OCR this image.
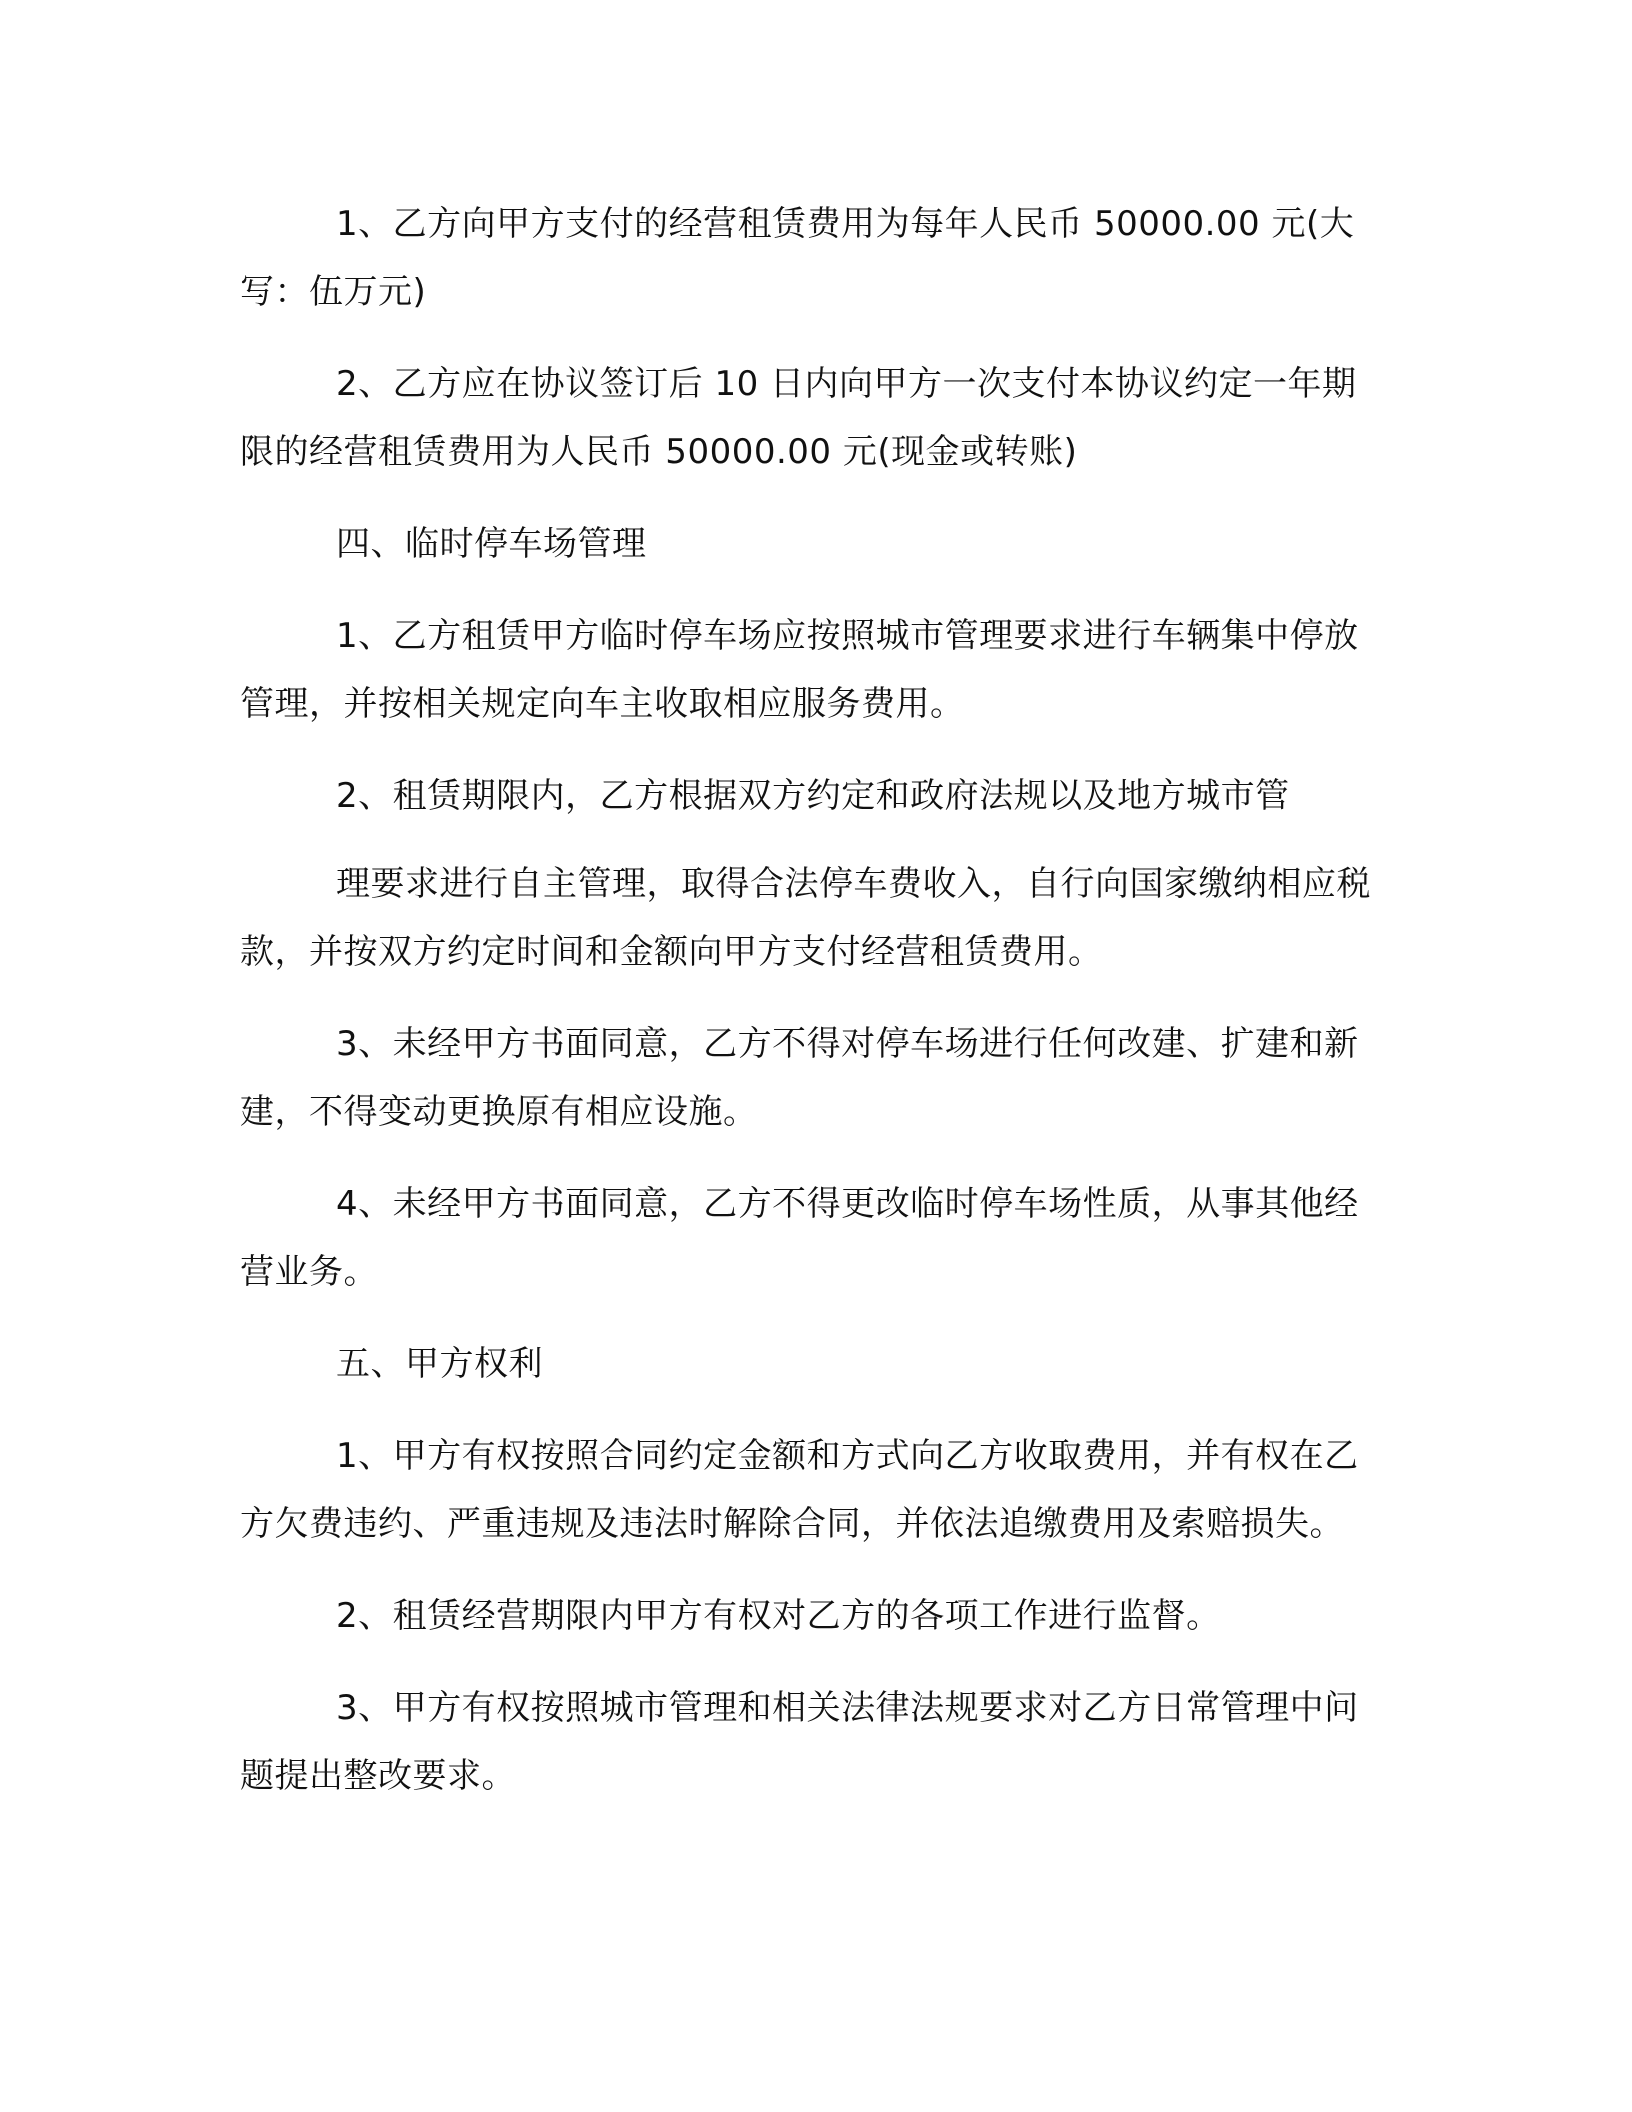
1、乙方向甲方支付的经营租赁费用为每年人民币 50000.00 元(大写：伍万元)

2、乙方应在协议签订后 10 日内向甲方一次支付本协议约定一年期限的经营租赁费用为人民币 50000.00 元(现金或转账)

四、临时停车场管理

1、乙方租赁甲方临时停车场应按照城市管理要求进行车辆集中停放管理，并按相关规定向车主收取相应服务费用。

2、租赁期限内，乙方根据双方约定和政府法规以及地方城市管

理要求进行自主管理，取得合法停车费收入，自行向国家缴纳相应税款，并按双方约定时间和金额向甲方支付经营租赁费用。

3、未经甲方书面同意，乙方不得对停车场进行任何改建、扩建和新建，不得变动更换原有相应设施。

4、未经甲方书面同意，乙方不得更改临时停车场性质，从事其他经营业务。

五、甲方权利

1、甲方有权按照合同约定金额和方式向乙方收取费用，并有权在乙方欠费违约、严重违规及违法时解除合同，并依法追缴费用及索赔损失。

2、租赁经营期限内甲方有权对乙方的各项工作进行监督。

3、甲方有权按照城市管理和相关法律法规要求对乙方日常管理中问题提出整改要求。
